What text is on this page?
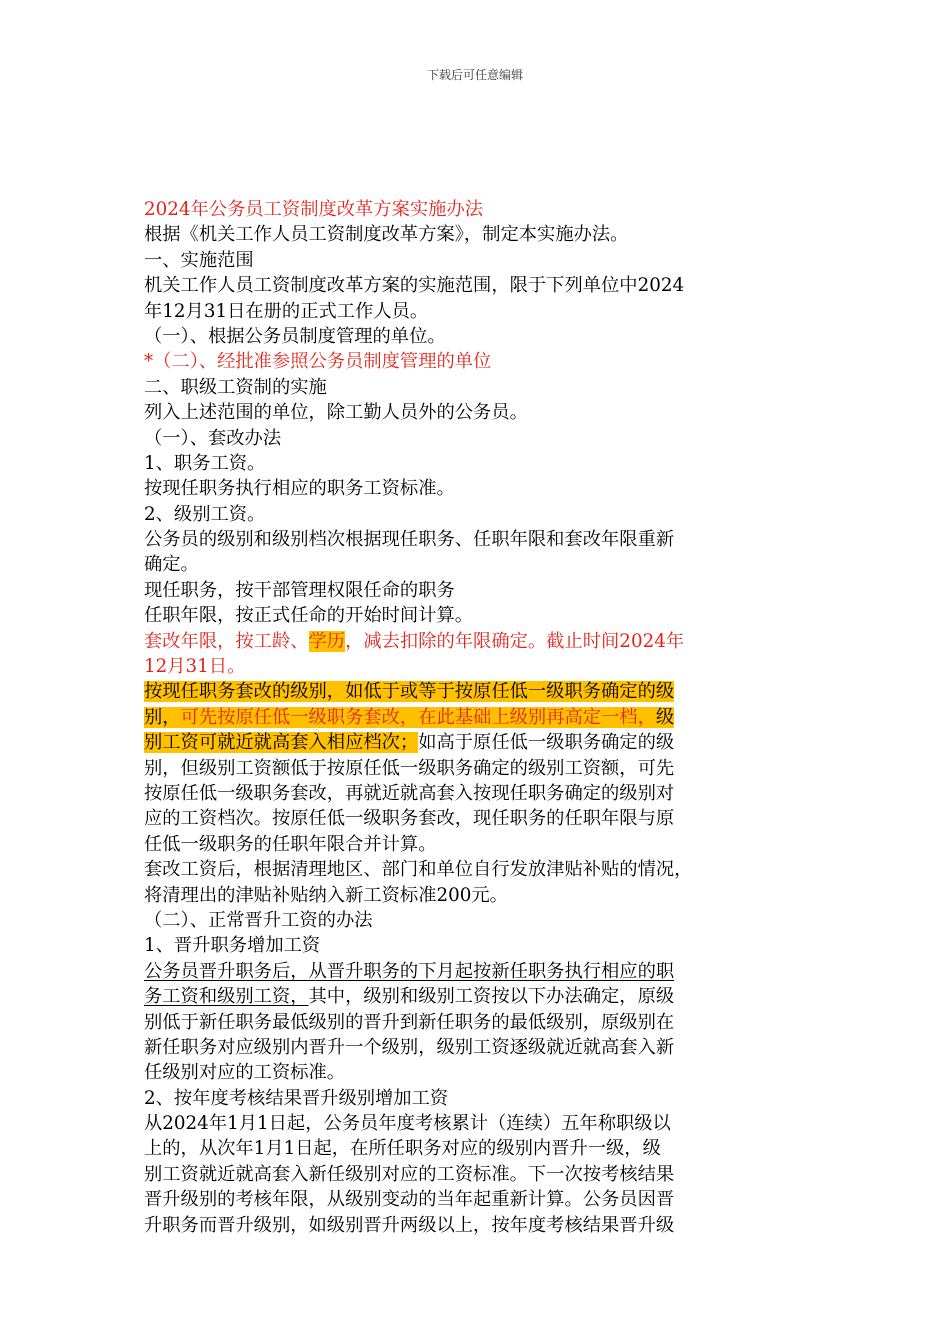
下载后可任意编辑
2024年公务员工资制度改革方案实施办法
根据《机关工作人员工资制度改革方案》，制定本实施办法。
一、实施范围
机关工作人员工资制度改革方案的实施范围，限于下列单位中2024
年12月31日在册的正式工作人员。
（一）、根据公务员制度管理的单位。
*（二）、经批准参照公务员制度管理的单位
二、职级工资制的实施
列入上述范围的单位，除工勤人员外的公务员。
（一）、套改办法
1、职务工资。
按现任职务执行相应的职务工资标准。
2、级别工资。
公务员的级别和级别档次根据现任职务、任职年限和套改年限重新
确定。
现任职务，按干部管理权限任命的职务
任职年限，按正式任命的开始时间计算。
套改年限，按工龄、学历，减去扣除的年限确定。截止时间2024年
12月31日。
按现任职务套改的级别，如低于或等于按原任低一级职务确定的级
别，可先按原任低一级职务套改，在此基础上级别再高定一档，级
别工资可就近就高套入相应档次；如高于原任低一级职务确定的级
别，但级别工资额低于按原任低一级职务确定的级别工资额，可先
按原任低一级职务套改，再就近就高套入按现任职务确定的级别对
应的工资档次。按原任低一级职务套改，现任职务的任职年限与原
任低一级职务的任职年限合并计算。
套改工资后，根据清理地区、部门和单位自行发放津贴补贴的情况，
将清理出的津贴补贴纳入新工资标准200元。
（二）、正常晋升工资的办法
1、晋升职务增加工资
公务员晋升职务后，从晋升职务的下月起按新任职务执行相应的职
务工资和级别工资，其中，级别和级别工资按以下办法确定，原级
别低于新任职务最低级别的晋升到新任职务的最低级别，原级别在
新任职务对应级别内晋升一个级别，级别工资逐级就近就高套入新
任级别对应的工资标准。
2、按年度考核结果晋升级别增加工资
从2024年1月1日起，公务员年度考核累计（连续）五年称职级以
上的，从次年1月1日起，在所任职务对应的级别内晋升一级，级
别工资就近就高套入新任级别对应的工资标准。下一次按考核结果
晋升级别的考核年限，从级别变动的当年起重新计算。公务员因晋
升职务而晋升级别，如级别晋升两级以上，按年度考核结果晋升级
